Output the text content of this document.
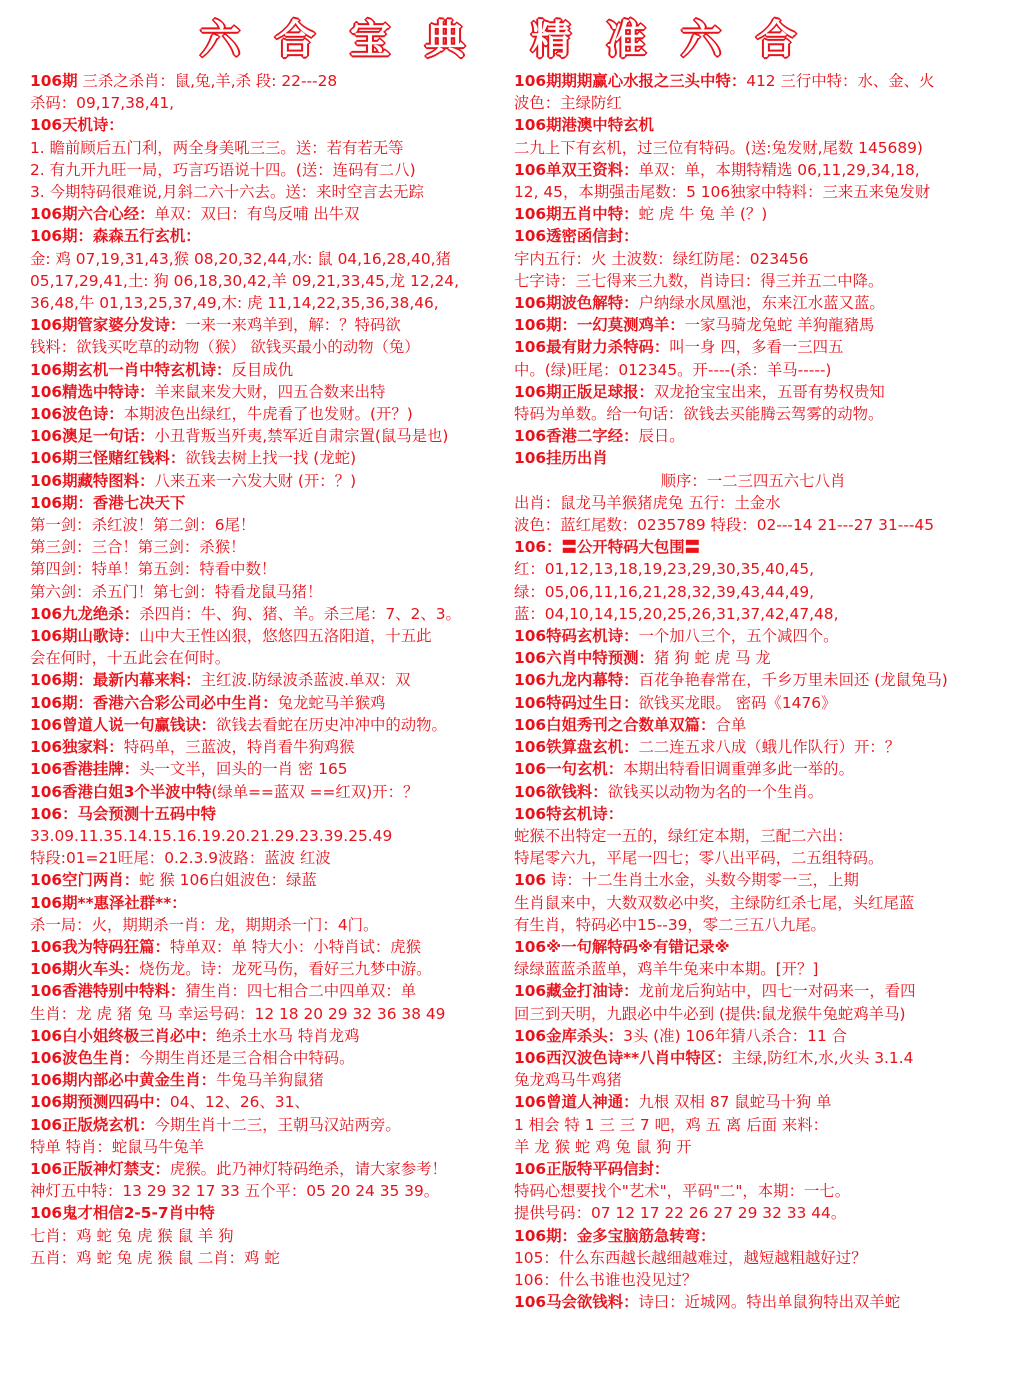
六 合 宝 典 精 准 六 合
106期 三杀之杀肖：鼠,兔,羊,杀 段: 22---28
杀码：09,17,38,41,
106天机诗：
1. 瞻前顾后五门利，两全身美吼三三。送：若有若无等
2. 有九开九旺一局，巧言巧语说十四。(送：连码有二八)
3. 今期特码很难说,月斜二六十六去。送：来时空言去无踪
106期六合心经：单双：双曰：有鸟反哺 出牛双
106期：森森五行玄机：
金: 鸡 07,19,31,43,猴 08,20,32,44,水: 鼠 04,16,28,40,猪
05,17,29,41,土: 狗 06,18,30,42,羊 09,21,33,45,龙 12,24,
36,48,牛 01,13,25,37,49,木: 虎 11,14,22,35,36,38,46,
106期管家婆分发诗：一来一来鸡羊到，解：？特码欲
钱料：欲钱买吃草的动物（猴） 欲钱买最小的动物（兔）
106期玄机一肖中特玄机诗：反目成仇
106精选中特诗：羊来鼠来发大财，四五合数来出特
106波色诗：本期波色出绿红，牛虎看了也发财。(开？)
106澳足一句话：小丑背叛当歼夷,禁军近自肃宗置(鼠马是也)
106期三怪赌红钱料：欲钱去树上找一找 (龙蛇)
106期藏特图料：八来五来一六发大财 (开：？)
106期：香港七决天下
第一剑：杀红波！第二剑：6尾！
第三剑：三合！第三剑：杀猴！
第四剑：特单！第五剑：特看中数！
第六剑：杀五门！第七剑：特看龙鼠马猪！
106九龙绝杀：杀四肖：牛、狗、猪、羊。杀三尾：7、2、3。
106期山歌诗：山中大王性凶狠，悠悠四五洛阳道，十五此
会在何时，十五此会在何时。
106期：最新内幕来料：主红波.防绿波杀蓝波.单双：双
106期：香港六合彩公司必中生肖：兔龙蛇马羊猴鸡
106曾道人说一句赢钱诀：欲钱去看蛇在历史冲冲中的动物。
106独家料：特码单，三蓝波，特肖看牛狗鸡猴
106香港挂牌：头一文半，回头的一肖 密 165
106香港白姐3个半波中特(绿单==蓝双 ==红双)开：？
106：马会预测十五码中特
33.09.11.35.14.15.16.19.20.21.29.23.39.25.49
特段:01=21旺尾：0.2.3.9波路：蓝波 红波
106空门两肖：蛇 猴 106白姐波色：绿蓝
106期**惠泽社群**：
杀一局：火，期期杀一肖：龙，期期杀一门：4门。
106我为特码狂篇：特单双：单 特大小：小特肖试：虎猴
106期火车头：烧伤龙。诗：龙死马伤，看好三九梦中游。
106香港特别中特料：猜生肖：四七相合二中四单双：单
生肖：龙 虎 猪 兔 马 幸运号码：12 18 20 29 32 36 38 49
106白小姐终极三肖必中：绝杀土水马 特肖龙鸡
106波色生肖：今期生肖还是三合相合中特码。
106期内部必中黄金生肖：牛兔马羊狗鼠猪
106期预测四码中：04、12、26、31、
106正版烧玄机：今期生肖十二三，王朝马汉站两旁。
特单 特肖：蛇鼠马牛兔羊
106正版神灯禁支：虎猴。此乃神灯特码绝杀，请大家参考！
神灯五中特：13 29 32 17 33 五个平：05 20 24 35 39。
106鬼才相信2-5-7肖中特
七肖：鸡 蛇 兔 虎 猴 鼠 羊 狗
五肖：鸡 蛇 兔 虎 猴 鼠 二肖：鸡 蛇
106期期期赢心水报之三头中特：412 三行中特：水、金、火
波色：主绿防红
106期港澳中特玄机
二九上下有玄机，过三位有特码。(送:兔发财,尾数 145689)
106单双王资料：单双：单，本期特精选 06,11,29,34,18,
12, 45，本期强击尾数：5 106独家中特料：三来五来兔发财
106期五肖中特：蛇 虎 牛 兔 羊 (？)
106透密函信封：
宇内五行：火 土波数：绿红防尾：023456
七字诗：三七得来三九数，肖诗曰：得三并五二中降。
106期波色解特：户纳绿水凤凰池，东来江水蓝又蓝。
106期：一幻莫测鸡羊：一家马骑龙兔蛇 羊狗龍豬馬
106最有財力杀特码：叫一身 四，多看一三四五
中。(绿)旺尾：012345。开----(杀：羊马-----)
106期正版足球报：双龙抢宝宝出来，五哥有势权贵知
特码为单数。给一句话：欲钱去买能腾云驾雾的动物。
106香港二字经：辰日。
106挂历出肖
顺序：一二三四五六七八肖
出肖：鼠龙马羊猴猪虎兔 五行：土金水
波色：蓝红尾数：0235789 特段：02---14 21---27 31---45
106：〓公开特码大包围〓
红：01,12,13,18,19,23,29,30,35,40,45,
绿：05,06,11,16,21,28,32,39,43,44,49,
蓝：04,10,14,15,20,25,26,31,37,42,47,48,
106特码玄机诗：一个加八三个，五个减四个。
106六肖中特预测：猪 狗 蛇 虎 马 龙
106九龙内幕特：百花争艳春常在，千乡万里未回还 (龙鼠兔马)
106特码过生日：欲钱买龙眼。 密码《1476》
106白姐秀刊之合数单双篇：合单
106铁算盘玄机：二二连五求八成（蛾儿作队行）开：？
106一句玄机：本期出特看旧调重弹多此一举的。
106欲钱料：欲钱买以动物为名的一个生肖。
106特玄机诗：
蛇猴不出特定一五的，绿红定本期，三配二六出：
特尾零六九，平尾一四七；零八出平码，二五组特码。
106 诗：十二生肖土水金，头数今期零一三，上期
生肖鼠来中，大数双数必中奖，主绿防红杀七尾，头红尾蓝
有生肖，特码必中15--39，零二三五八九尾。
106※一句解特码※有错记录※
绿绿蓝蓝杀蓝单，鸡羊牛兔来中本期。[开？]
106藏金打油诗：龙前龙后狗站中，四七一对码来一，看四
回三到天明，九跟必中牛必到 (提供:鼠龙猴牛兔蛇鸡羊马)
106金库杀头：3头 (准) 106年猜八杀合：11 合
106西汉波色诗**八肖中特区：主绿,防红木,水,火头 3.1.4
兔龙鸡马牛鸡猪
106曾道人神通：九根 双相 87 鼠蛇马十狗 单
1 相会 特 1 三 三 7 吧，鸡 五 离 后面 来料：
羊 龙 猴 蛇 鸡 兔 鼠 狗 开
106正版特平码信封：
特码心想要找个"艺术"，平码"二"，本期：一七。
提供号码：07 12 17 22 26 27 29 32 33 44。
106期：金多宝脑筋急转弯：
105：什么东西越长越细越难过，越短越粗越好过？
106：什么书谁也没见过？
106马会欲钱料：诗曰：近城网。特出单鼠狗特出双羊蛇
